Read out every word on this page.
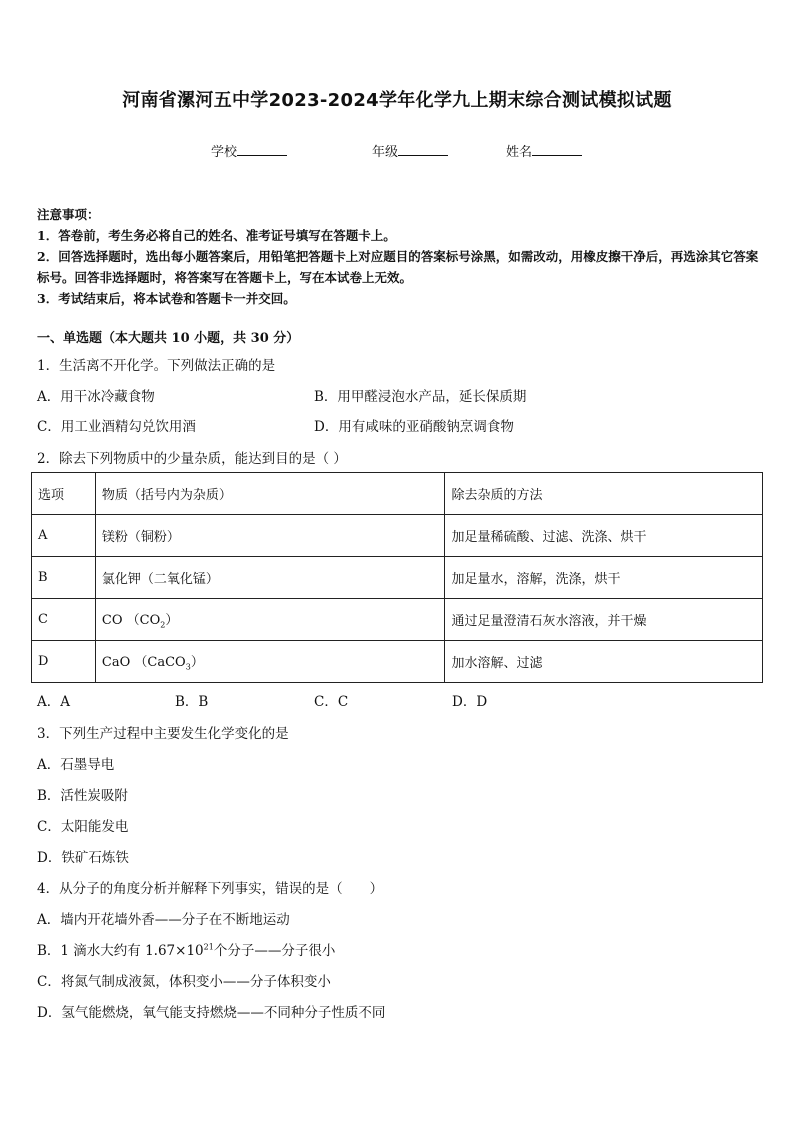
河南省漯河五中学2023-2024学年化学九上期末综合测试模拟试题
学校	年级	姓名

注意事项：

1．答卷前，考生务必将自己的姓名、准考证号填写在答题卡上。

2．回答选择题时，选出每小题答案后，用铅笔把答题卡上对应题目的答案标号涂黑，如需改动，用橡皮擦干净后，再选涂其它答案标号。回答非选择题时，将答案写在答题卡上，写在本试卷上无效。

3．考试结束后，将本试卷和答题卡一并交回。

一、单选题（本大题共 10 小题，共 30 分）
1．生活离不开化学。下列做法正确的是
A．用干冰冷藏食物	B．用甲醛浸泡水产品，延长保质期
C．用工业酒精勾兑饮用酒	D．用有咸味的亚硝酸钠烹调食物
2．除去下列物质中的少量杂质，能达到目的是（ ）
选项	物质（括号内为杂质）	除去杂质的方法
A	镁粉（铜粉）	加足量稀硫酸、过滤、洗涤、烘干
B	氯化钾（二氧化锰）	加足量水，溶解，洗涤，烘干
C	CO $(CO_2)$	通过足量澄清石灰水溶液，并干燥
D	CaO （CaCO$_3$）	加水溶解、过滤
A．A	B．B	C．C	D．D
3．下列生产过程中主要发生化学变化的是
A．石墨导电
B．活性炭吸附
C．太阳能发电
D．铁矿石炼铁
4．从分子的角度分析并解释下列事实，错误的是（　　）
A．墙内开花墙外香——分子在不断地运动
B．1 滴水大约有 $1.67\times 10^{21}$个分子——分子很小
C．将氮气制成液氮，体积变小——分子体积变小
D．氢气能燃烧，氧气能支持燃烧——不同种分子性质不同
